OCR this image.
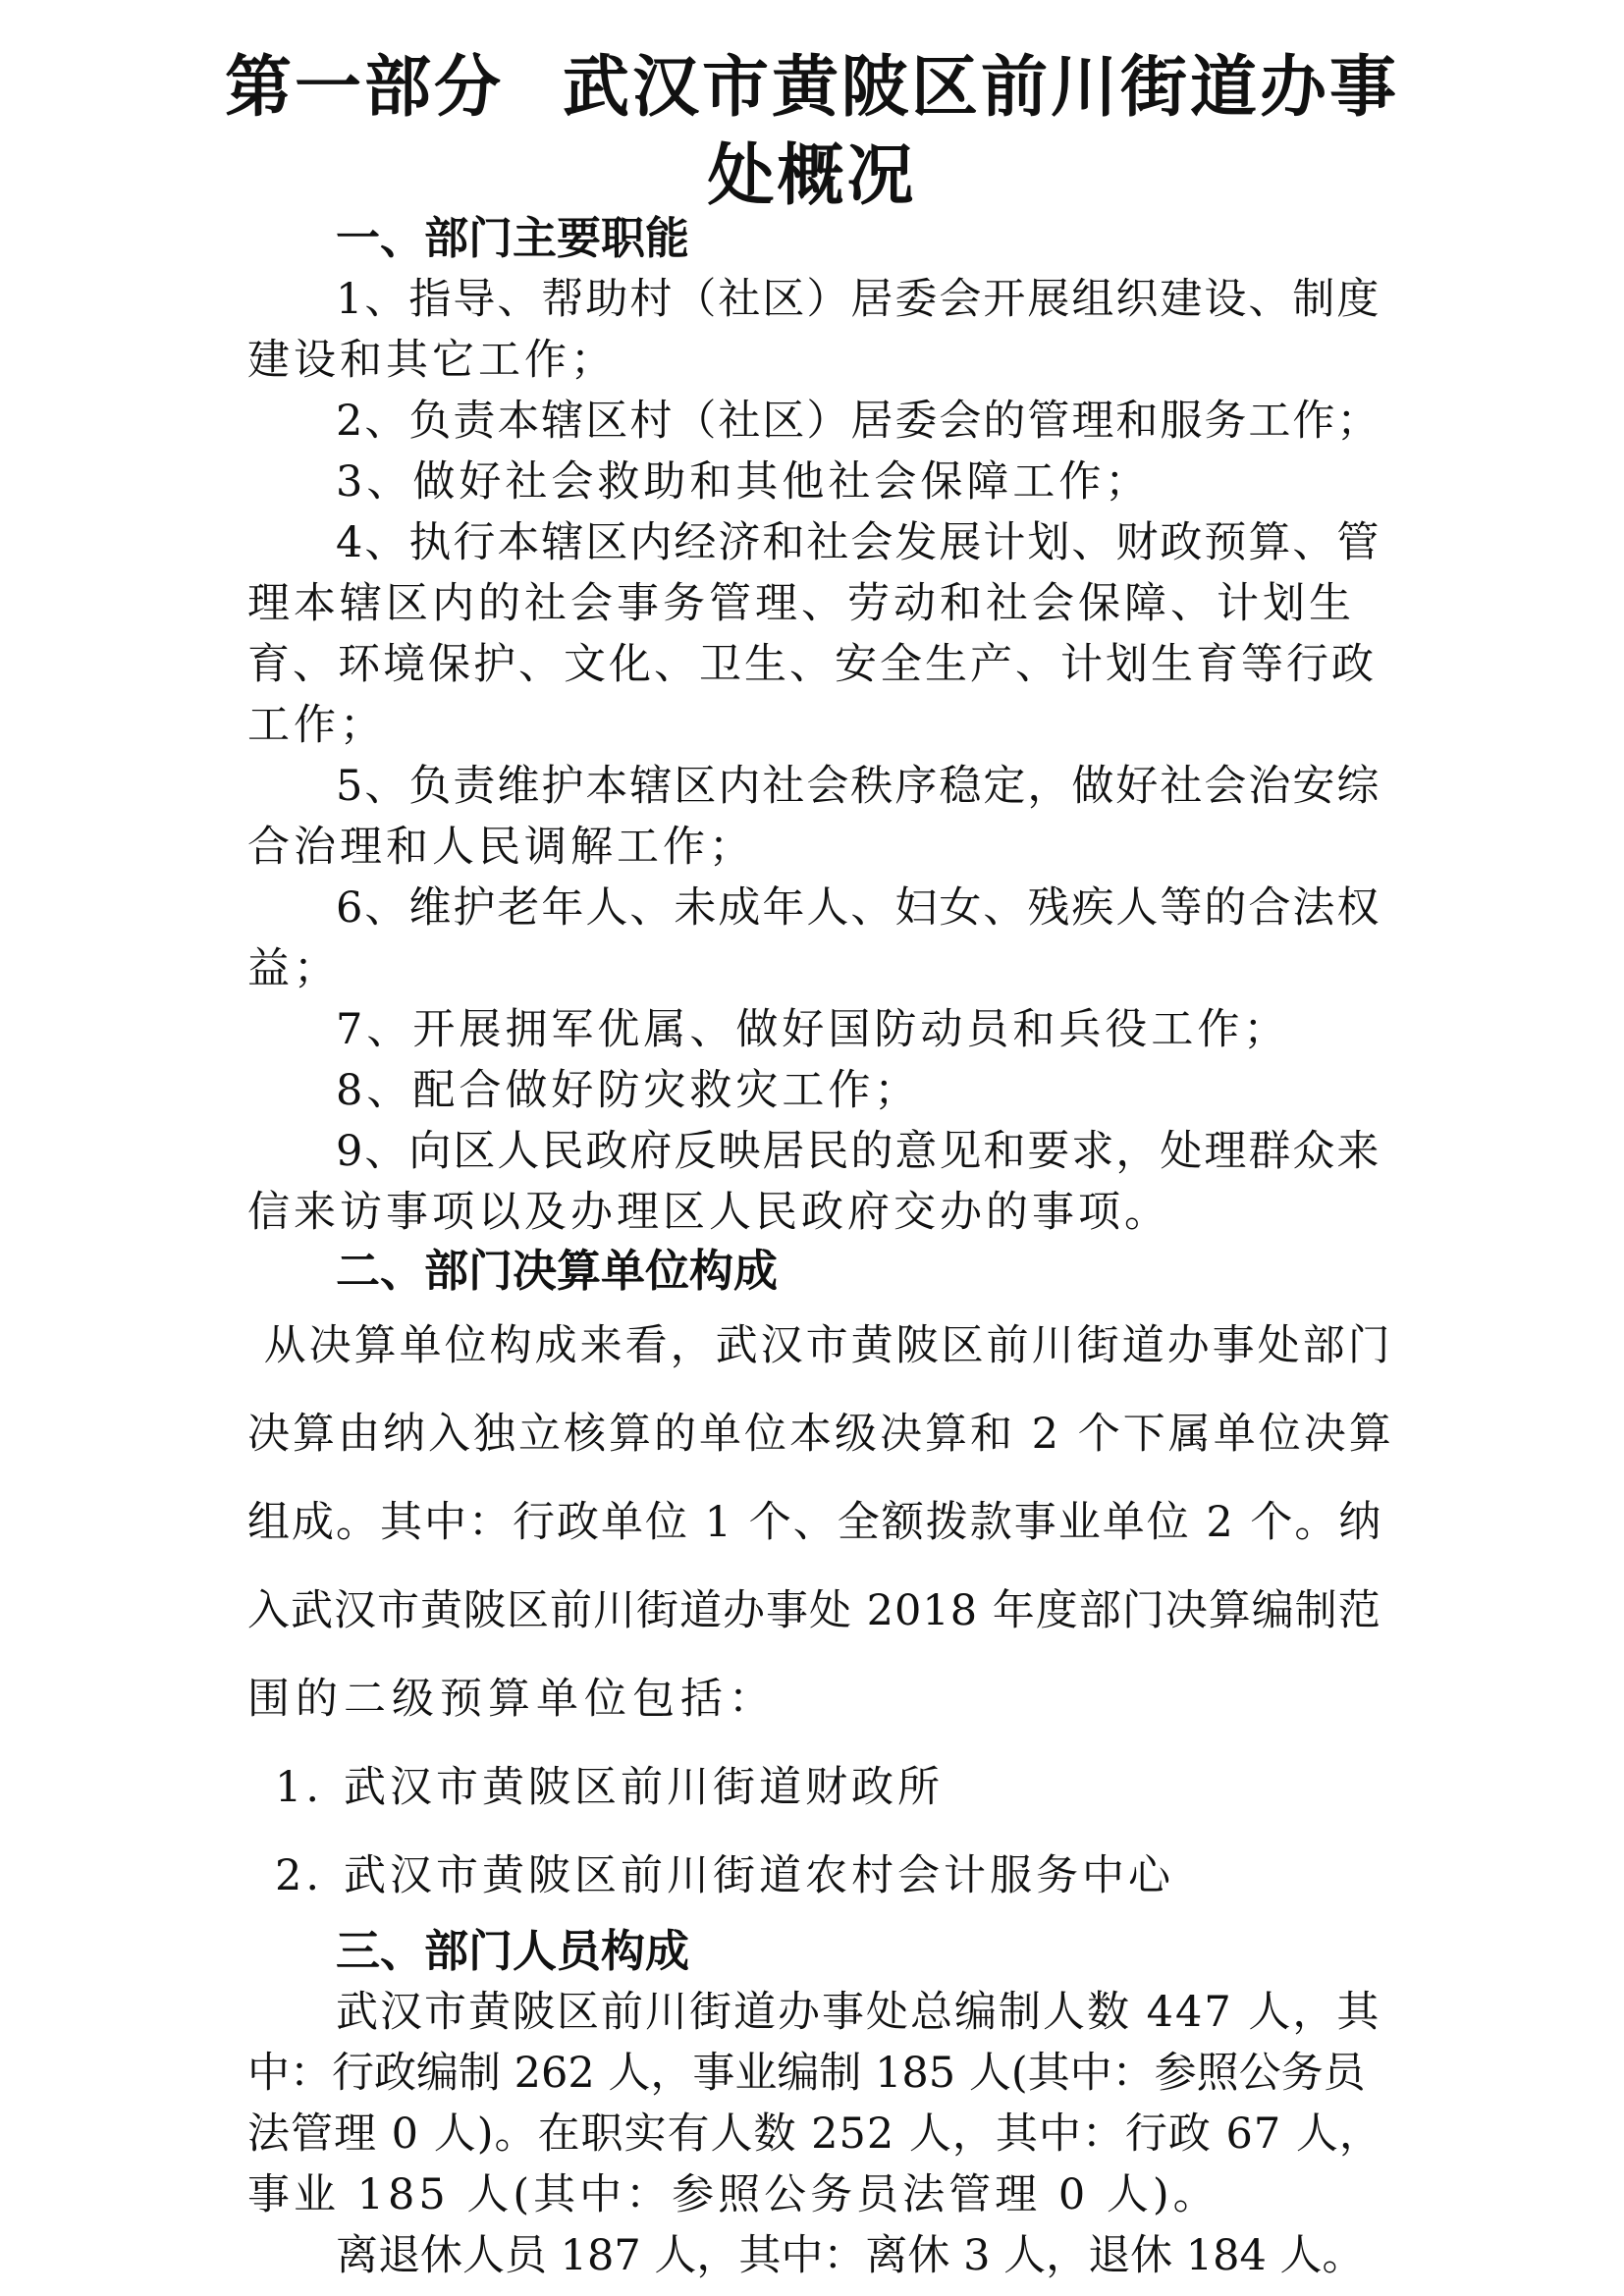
第一部分 武汉市黄陂区前川街道办事
处概况
一、部门主要职能

1、指导、帮助村（社区）居委会开展组织建设、制度

建设和其它工作；

2、负责本辖区村（社区）居委会的管理和服务工作；

3、做好社会救助和其他社会保障工作；

4、执行本辖区内经济和社会发展计划、财政预算、管

理本辖区内的社会事务管理、劳动和社会保障、计划生

育、环境保护、文化、卫生、安全生产、计划生育等行政

工作；

5、负责维护本辖区内社会秩序稳定，做好社会治安综

合治理和人民调解工作；

6、维护老年人、未成年人、妇女、残疾人等的合法权

益；

7、开展拥军优属、做好国防动员和兵役工作；

8、配合做好防灾救灾工作；

9、向区人民政府反映居民的意见和要求，处理群众来

信来访事项以及办理区人民政府交办的事项。

二、部门决算单位构成

从决算单位构成来看，武汉市黄陂区前川街道办事处部门

决算由纳入独立核算的单位本级决算和 2 个下属单位决算

组成。其中：行政单位 1 个、全额拨款事业单位 2 个。纳

入武汉市黄陂区前川街道办事处 2018 年度部门决算编制范

围的二级预算单位包括：

1. 武汉市黄陂区前川街道财政所
2. 武汉市黄陂区前川街道农村会计服务中心
三、部门人员构成

武汉市黄陂区前川街道办事处总编制人数 447 人，其

中：行政编制 262 人，事业编制 185 人(其中：参照公务员

法管理 0 人)。在职实有人数 252 人，其中：行政 67 人，

事业 185 人(其中：参照公务员法管理 0 人)。

离退休人员 187 人，其中：离休 3 人，退休 184 人。
